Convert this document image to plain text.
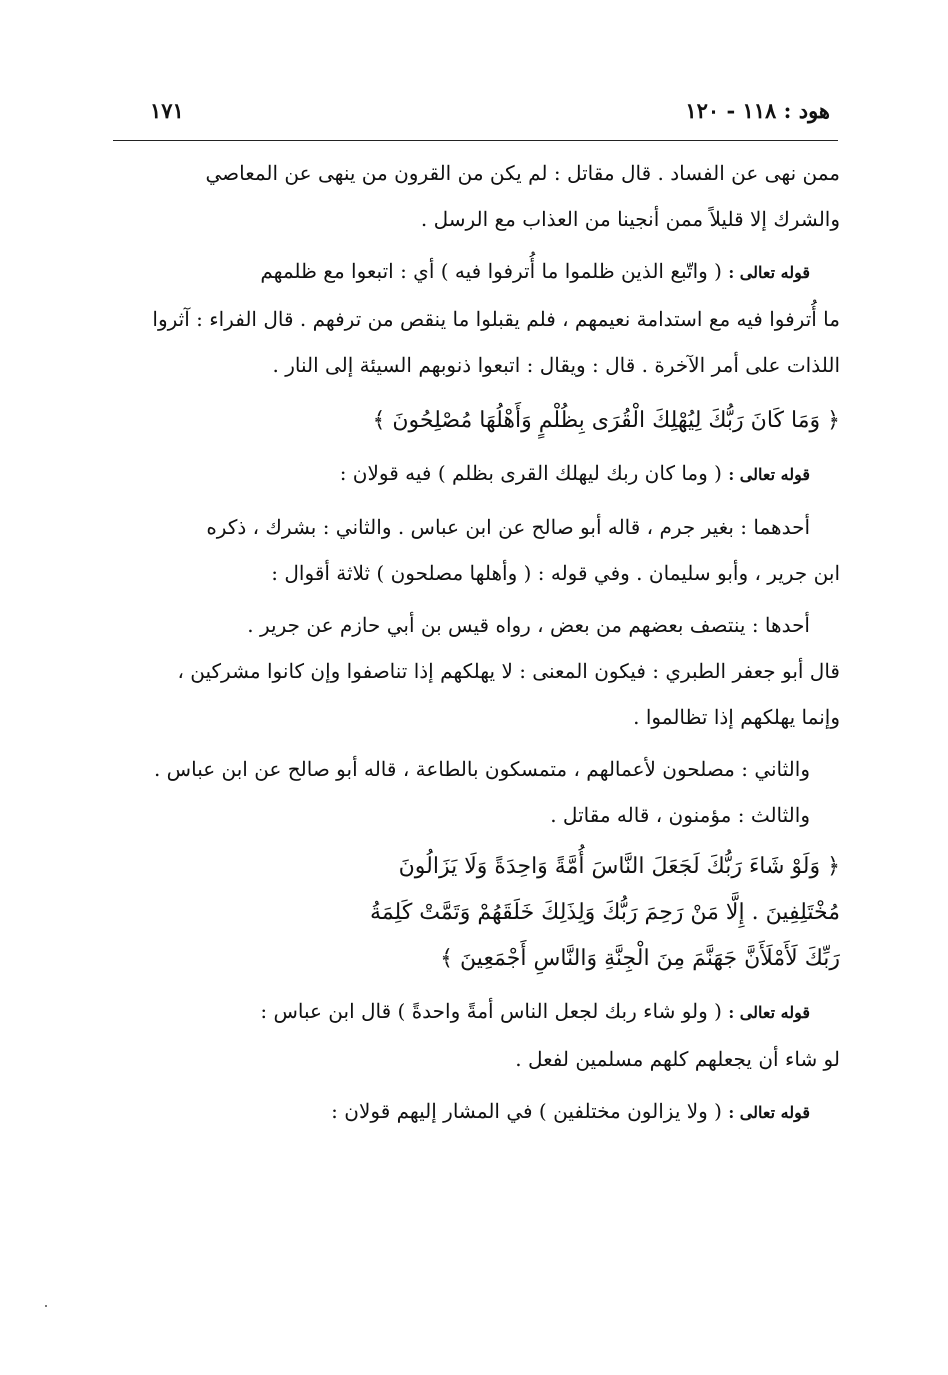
هود : ١١٨ - ١٢٠
١٧١
ممن نهى عن الفساد . قال مقاتل : لم يكن من القرون من ينهى عن المعاصي
والشرك إلا قليلاً ممن أنجينا من العذاب مع الرسل .
قوله تعالى : ( واتّبع الذين ظلموا ما أُترفوا فيه ) أي : اتبعوا مع ظلمهم
ما أُترفوا فيه مع استدامة نعيمهم ، فلم يقبلوا ما ينقص من ترفهم . قال الفراء : آثروا
اللذات على أمر الآخرة . قال : ويقال : اتبعوا ذنوبهم السيئة إلى النار .
﴿ وَمَا كَانَ رَبُّكَ لِيُهْلِكَ الْقُرَى بِظُلْمٍ وَأَهْلُهَا مُصْلِحُونَ ﴾
قوله تعالى : ( وما كان ربك ليهلك القرى بظلم ) فيه قولان :
أحدهما : بغير جرم ، قاله أبو صالح عن ابن عباس . والثاني : بشرك ، ذكره
ابن جرير ، وأبو سليمان . وفي قوله : ( وأهلها مصلحون ) ثلاثة أقوال :
أحدها : ينتصف بعضهم من بعض ، رواه قيس بن أبي حازم عن جرير .
قال أبو جعفر الطبري : فيكون المعنى : لا يهلكهم إذا تناصفوا وإن كانوا مشركين ،
وإنما يهلكهم إذا تظالموا .
والثاني : مصلحون لأعمالهم ، متمسكون بالطاعة ، قاله أبو صالح عن ابن عباس .
والثالث : مؤمنون ، قاله مقاتل .
﴿ وَلَوْ شَاءَ رَبُّكَ لَجَعَلَ النَّاسَ أُمَّةً وَاحِدَةً وَلَا يَزَالُونَ
مُخْتَلِفِينَ . إِلَّا مَنْ رَحِمَ رَبُّكَ وَلِذَلِكَ خَلَقَهُمْ وَتَمَّتْ كَلِمَةُ
رَبِّكَ لَأَمْلَأَنَّ جَهَنَّمَ مِنَ الْجِنَّةِ وَالنَّاسِ أَجْمَعِينَ ﴾
قوله تعالى : ( ولو شاء ربك لجعل الناس أمةً واحدةً ) قال ابن عباس :
لو شاء أن يجعلهم كلهم مسلمين لفعل .
قوله تعالى : ( ولا يزالون مختلفين ) في المشار إليهم قولان :
